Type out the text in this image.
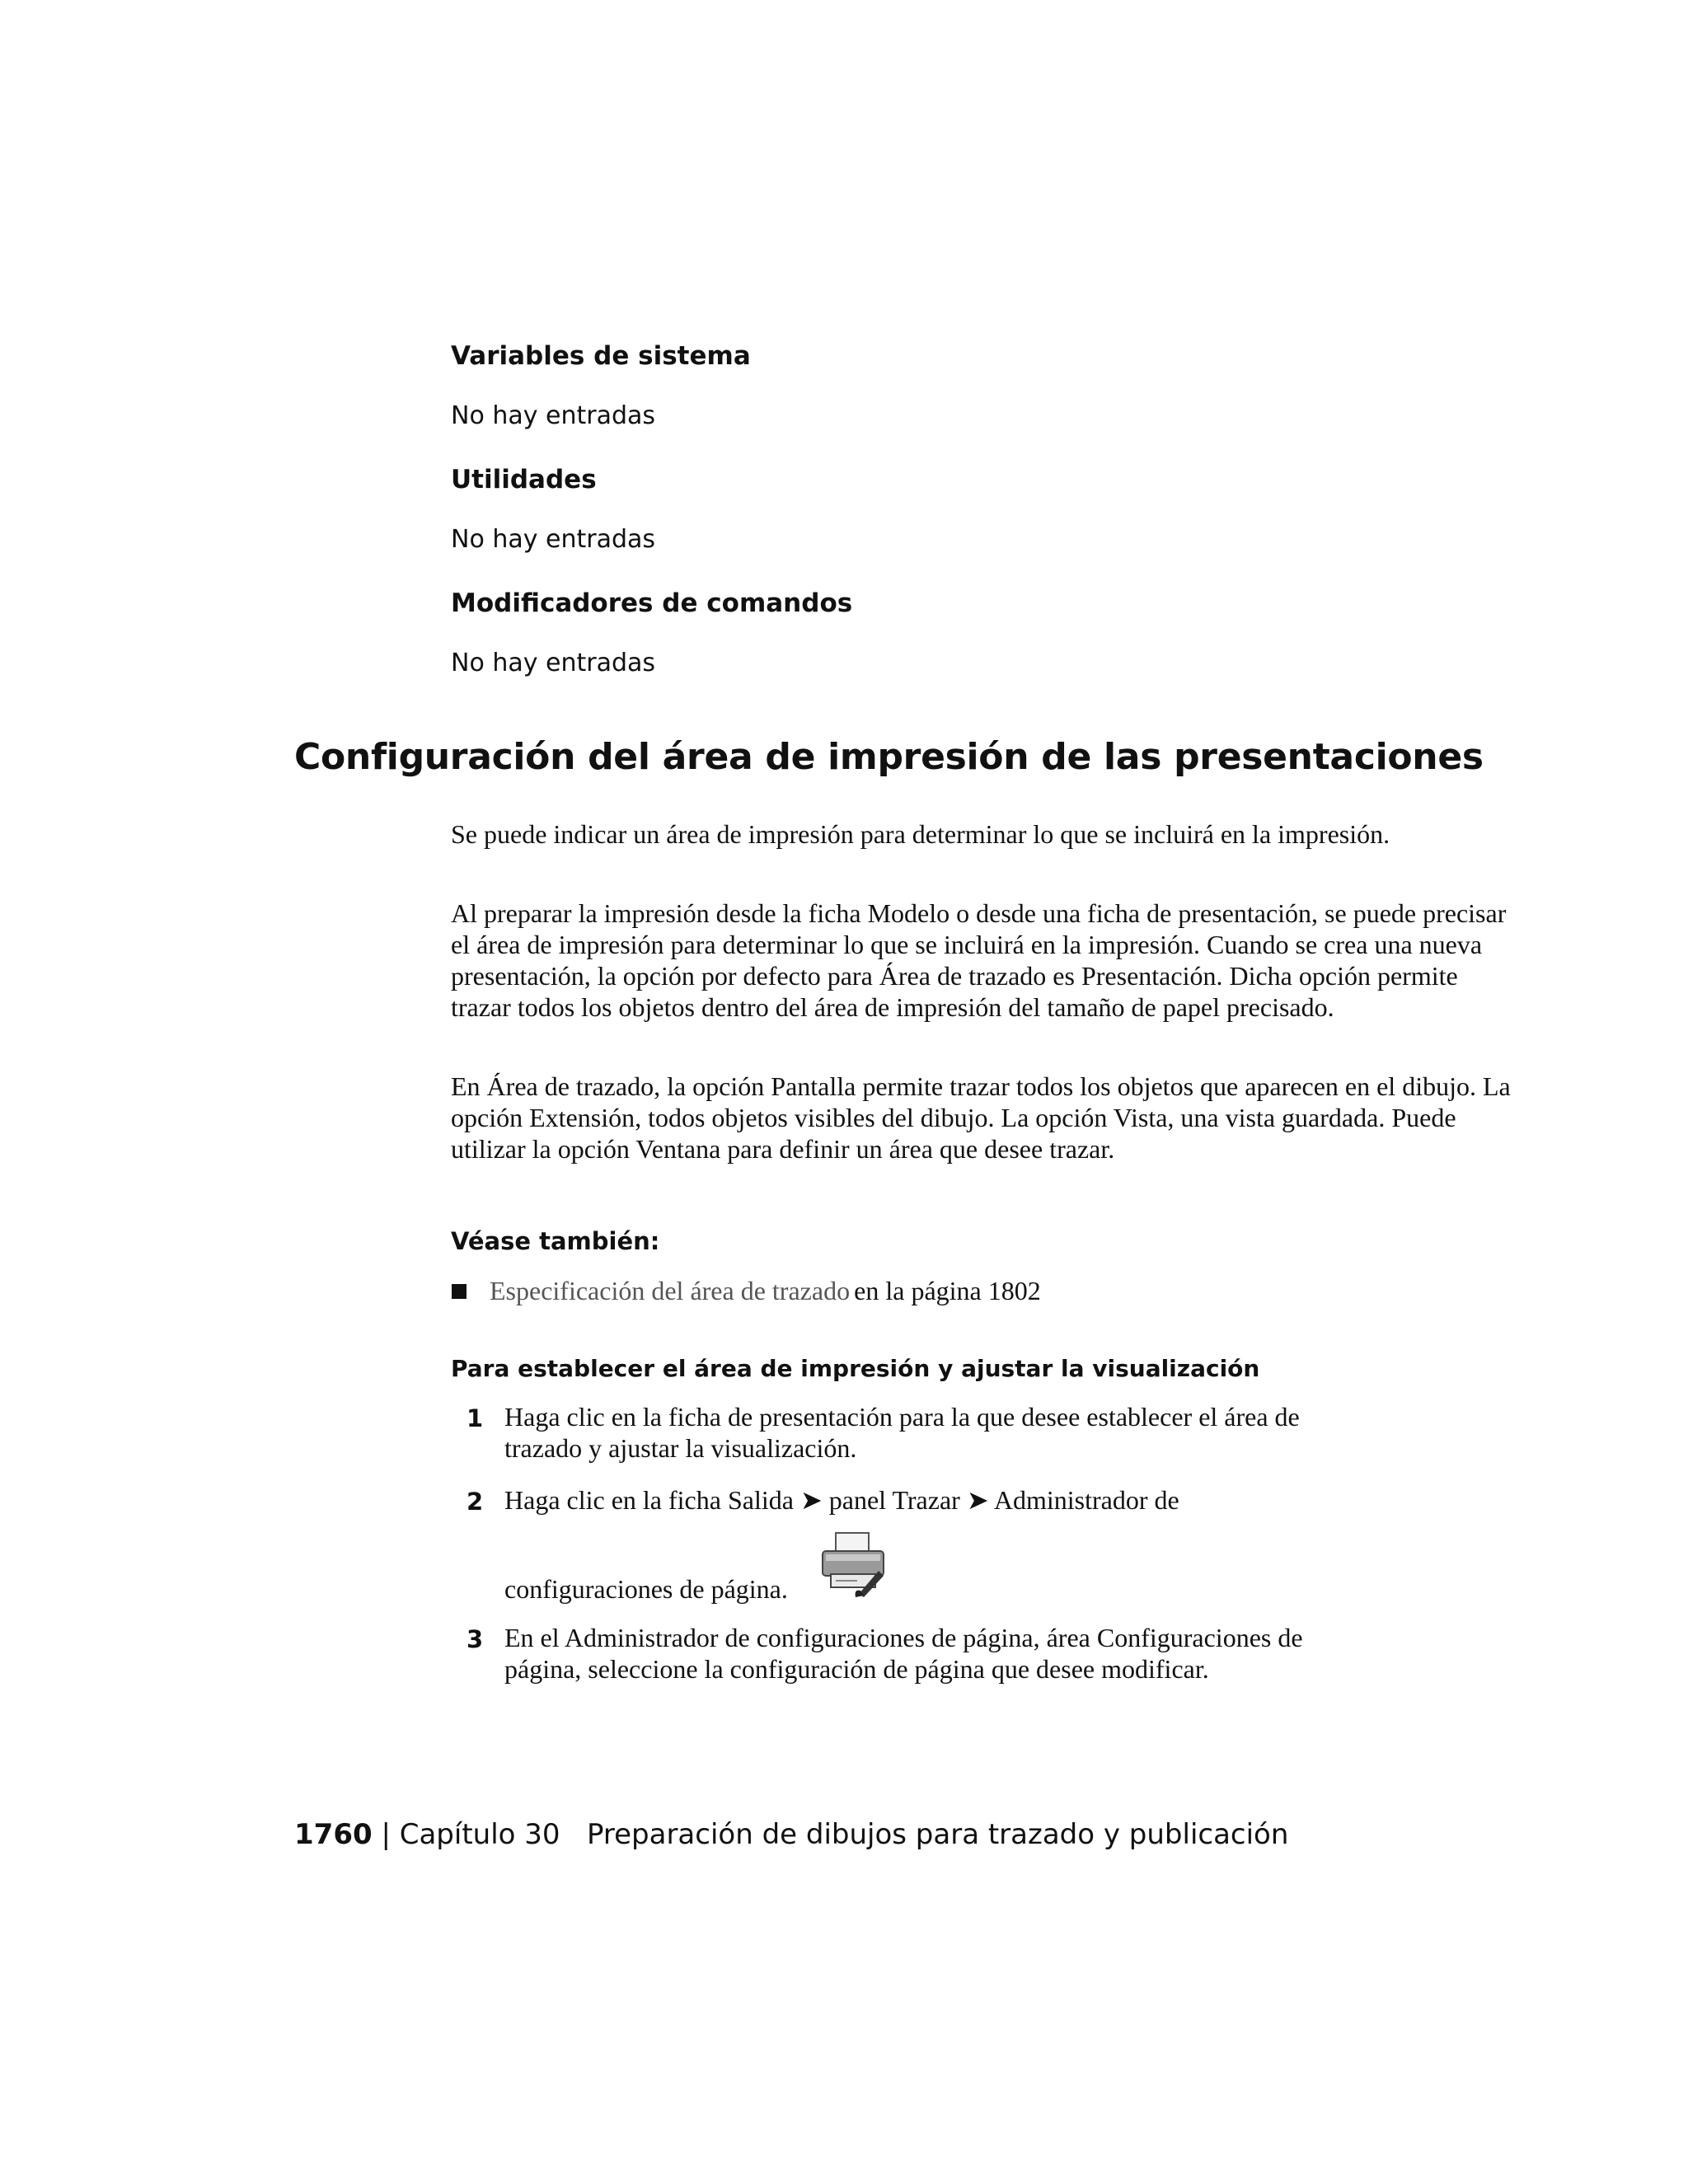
Variables de sistema
No hay entradas
Utilidades
No hay entradas
Modificadores de comandos
No hay entradas
Configuración del área de impresión de las presentaciones
Se puede indicar un área de impresión para determinar lo que se incluirá en la impresión.
Al preparar la impresión desde la ficha Modelo o desde una ficha de presentación, se puede precisar el área de impresión para determinar lo que se incluirá en la impresión. Cuando se crea una nueva presentación, la opción por defecto para Área de trazado es Presentación. Dicha opción permite trazar todos los objetos dentro del área de impresión del tamaño de papel precisado.
En Área de trazado, la opción Pantalla permite trazar todos los objetos que aparecen en el dibujo. La opción Extensión, todos objetos visibles del dibujo. La opción Vista, una vista guardada. Puede utilizar la opción Ventana para definir un área que desee trazar.
Véase también:
Especificación del área de trazado en la página 1802
Para establecer el área de impresión y ajustar la visualización
1 Haga clic en la ficha de presentación para la que desee establecer el área de trazado y ajustar la visualización.
2 Haga clic en la ficha Salida ➤ panel Trazar ➤ Administrador de
configuraciones de página.
3 En el Administrador de configuraciones de página, área Configuraciones de página, seleccione la configuración de página que desee modificar.
1760 | Capítulo 30 Preparación de dibujos para trazado y publicación
